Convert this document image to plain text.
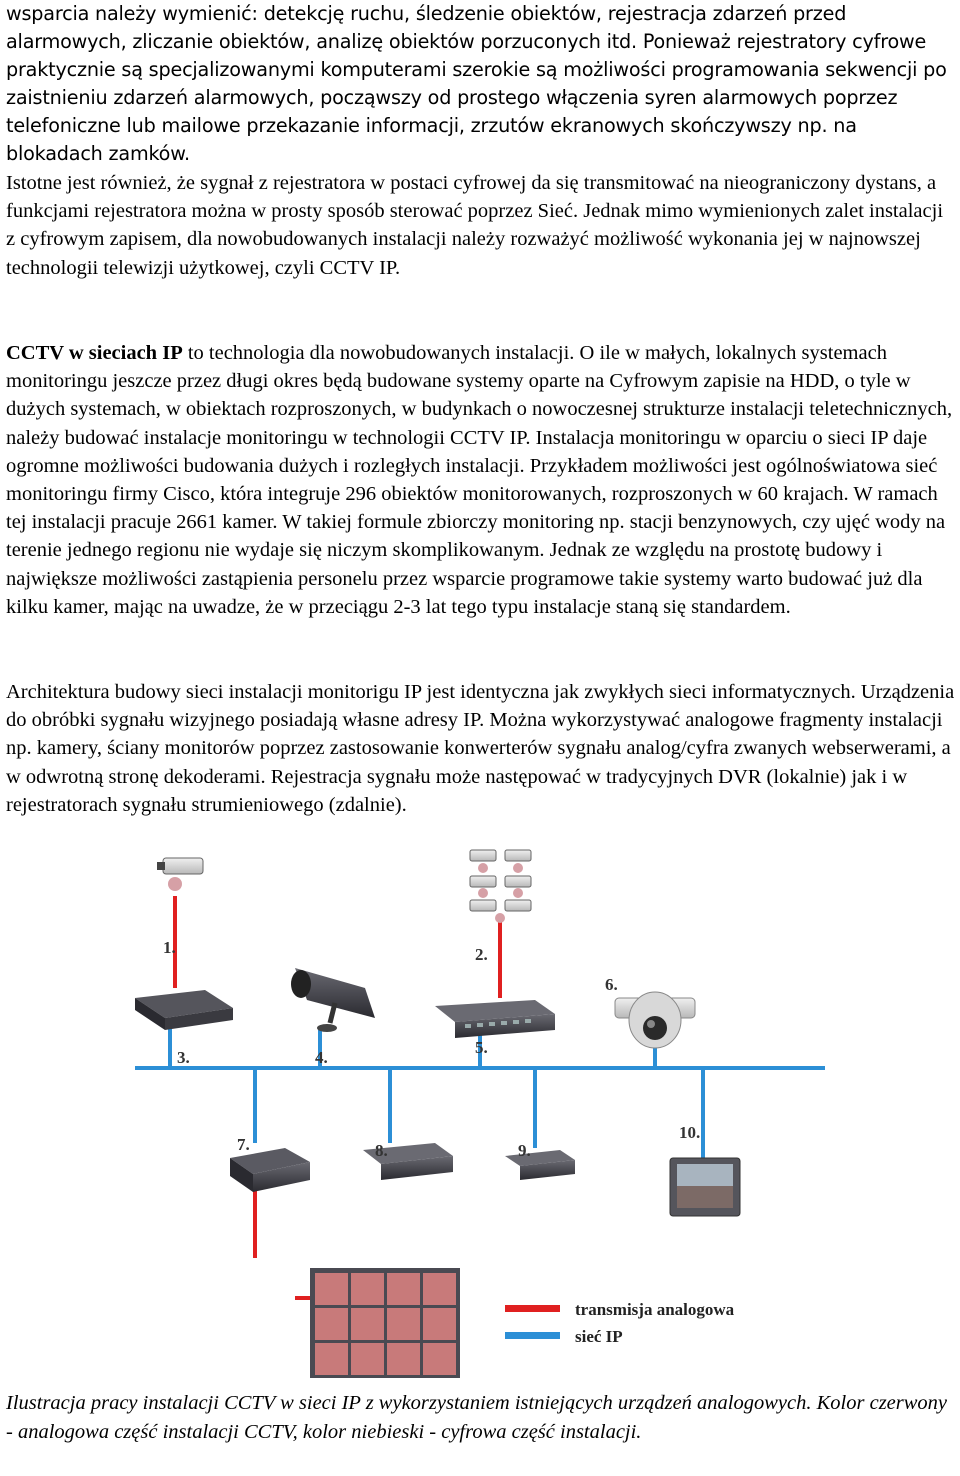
wsparcia należy wymienić: detekcję ruchu, śledzenie obiektów, rejestracja zdarzeń przed alarmowych, zliczanie obiektów, analizę obiektów porzuconych itd. Ponieważ rejestratory cyfrowe praktycznie są specjalizowanymi komputerami szerokie są możliwości programowania sekwencji po zaistnieniu zdarzeń alarmowych, począwszy od prostego włączenia syren alarmowych poprzez telefoniczne lub mailowe przekazanie informacji, zrzutów ekranowych skończywszy np. na blokadach zamków.

Istotne jest również, że sygnał z rejestratora w postaci cyfrowej da się transmitować na nieograniczony dystans, a funkcjami rejestratora można w prosty sposób sterować poprzez Sieć. Jednak mimo wymienionych zalet instalacji z cyfrowym zapisem, dla nowobudowanych instalacji należy rozważyć możliwość wykonania jej w najnowszej technologii telewizji użytkowej, czyli CCTV IP.

CCTV w sieciach IP to technologia dla nowobudowanych instalacji. O ile w małych, lokalnych systemach monitoringu jeszcze przez długi okres będą budowane systemy oparte na Cyfrowym zapisie na HDD, o tyle w dużych systemach, w obiektach rozproszonych, w budynkach o nowoczesnej strukturze instalacji teletechnicznych, należy budować instalacje monitoringu w technologii CCTV IP. Instalacja monitoringu w oparciu o sieci IP daje ogromne możliwości budowania dużych i rozległych instalacji. Przykładem możliwości jest ogólnoświatowa sieć monitoringu firmy Cisco, która integruje 296 obiektów monitorowanych, rozproszonych w 60 krajach. W ramach tej instalacji pracuje 2661 kamer. W takiej formule zbiorczy monitoring np. stacji benzynowych, czy ujęć wody na terenie jednego regionu nie wydaje się niczym skomplikowanym. Jednak ze względu na prostotę budowy i największe możliwości zastąpienia personelu przez wsparcie programowe takie systemy warto budować już dla kilku kamer, mając na uwadze, że w przeciągu 2-3 lat tego typu instalacje staną się standardem.

Architektura budowy sieci instalacji monitorigu IP jest identyczna jak zwykłych sieci informatycznych. Urządzenia do obróbki sygnału wizyjnego posiadają własne adresy IP. Można wykorzystywać analogowe fragmenty instalacji np. kamery, ściany monitorów poprzez zastosowanie konwerterów sygnału analog/cyfra zwanych webserwerami, a w odwrotną stronę dekoderami. Rejestracja sygnału może następować w tradycyjnych DVR (lokalnie) jak i w rejestratorach sygnału strumieniowego (zdalnie).

1.	2.
3.	4.
5.
6.
7.	8.	9.
10.
transmisja analogowa
sieć IP

Ilustracja pracy instalacji CCTV w sieci IP z wykorzystaniem istniejących urządzeń analogowych. Kolor czerwony - analogowa część instalacji CCTV, kolor niebieski - cyfrowa część instalacji.
